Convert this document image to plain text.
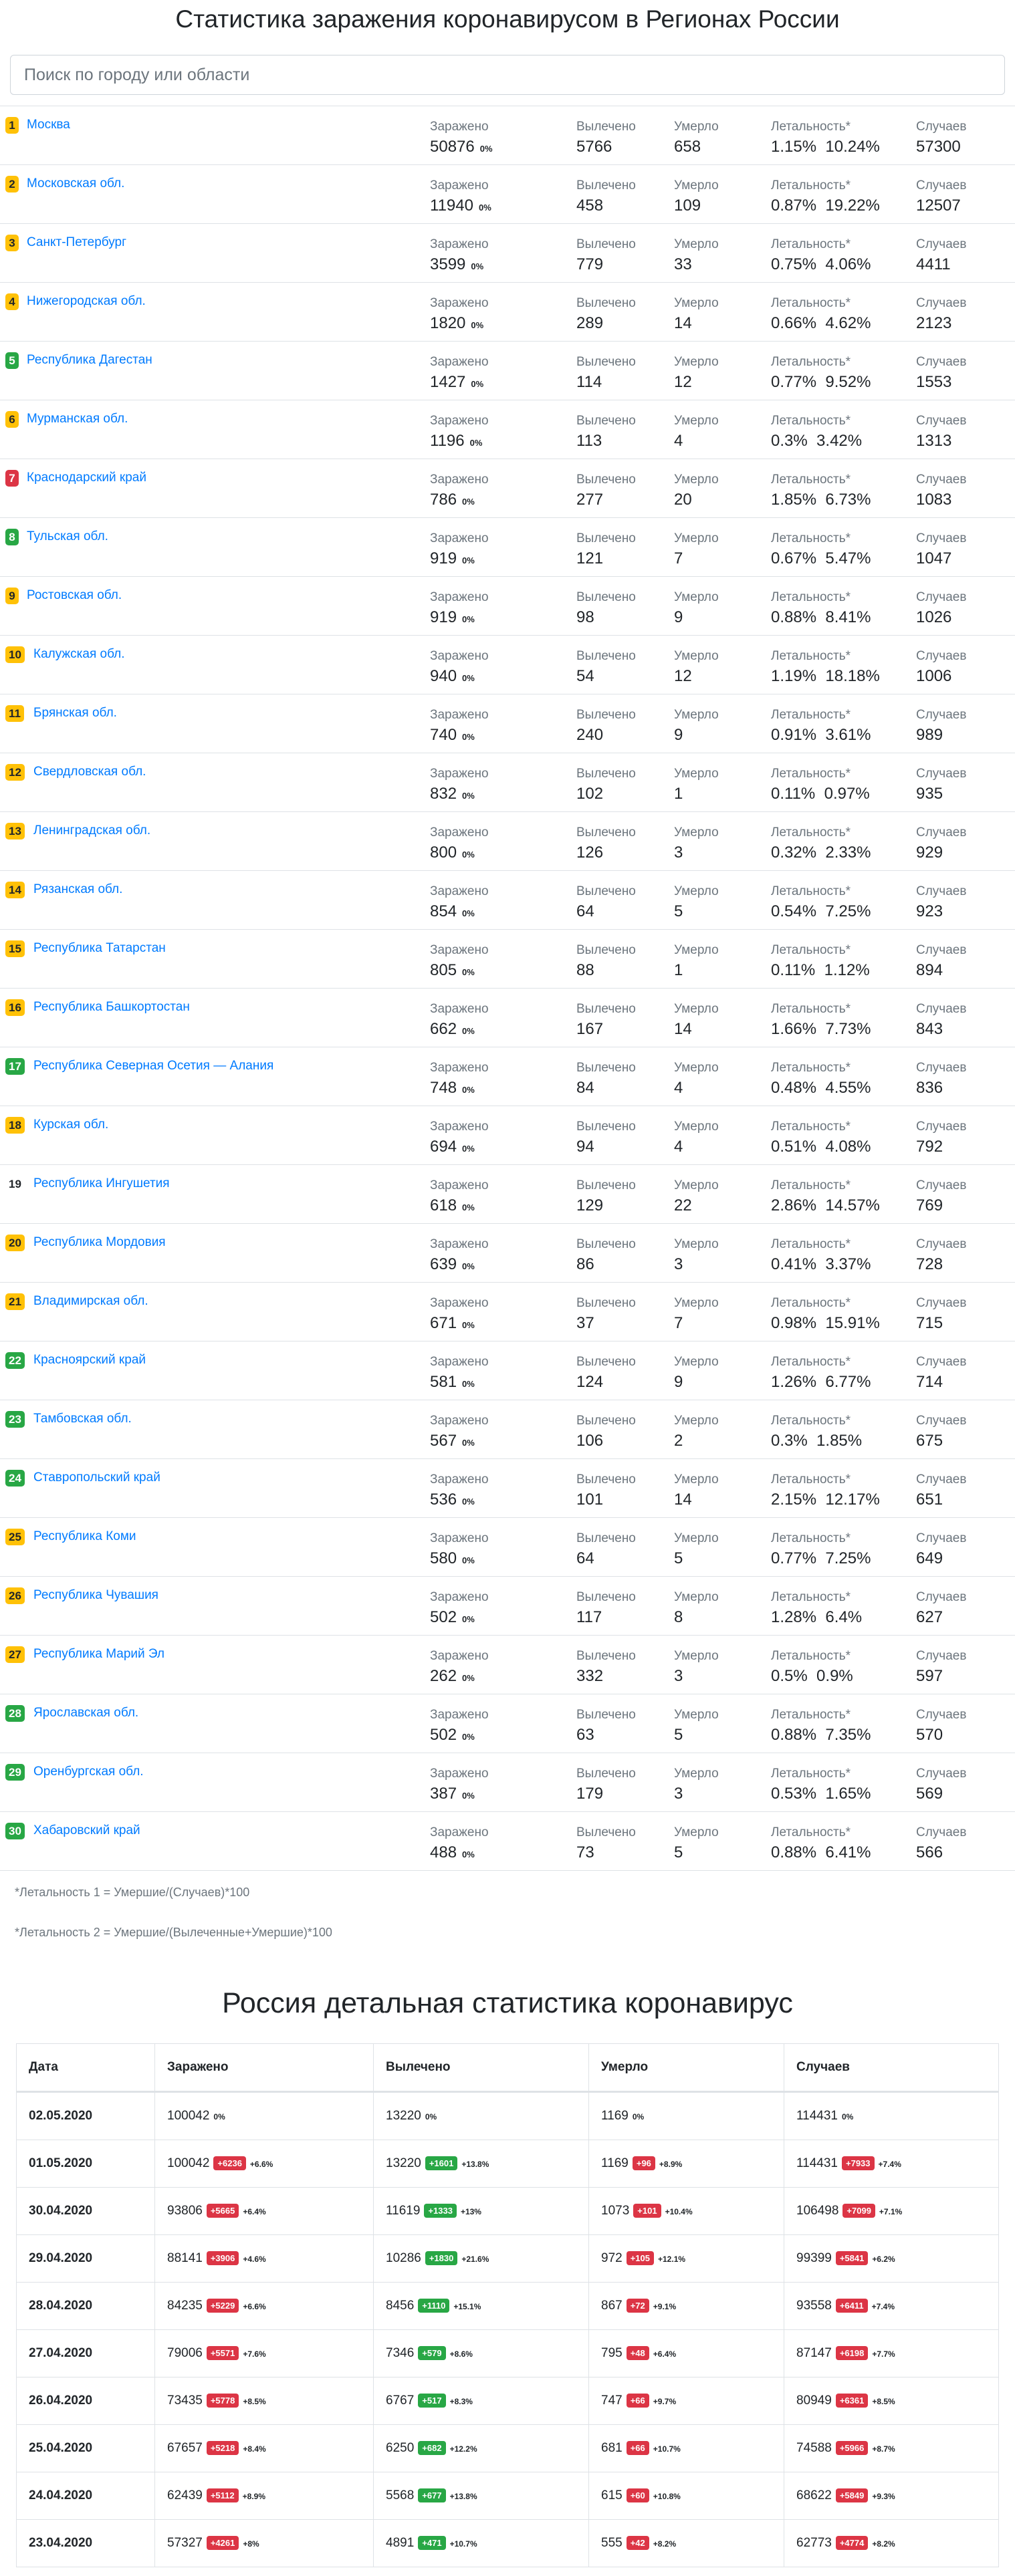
Статистика заражения коронавирусом в Регионах России
Поиск по городу или области
1 Москва	Заражено
50876 0%
Вылечено
5766
Умерло
658
Летальность*
1.15% 10.24%
Случаев
57300
2 Московская обл.	Заражено
11940 0%
Вылечено
458
Умерло
109
Летальность*
0.87% 19.22%
Случаев
12507
3 Санкт-Петербург	Заражено
3599 0%
Вылечено
779
Умерло
33
Летальность*
0.75% 4.06%
Случаев
4411
4 Нижегородская обл.	Заражено
1820 0%
Вылечено
289
Умерло
14
Летальность*
0.66% 4.62%
Случаев
2123
5 Республика Дагестан	Заражено
1427 0%
Вылечено
114
Умерло
12
Летальность*
0.77% 9.52%
Случаев
1553
6 Мурманская обл.	Заражено
1196 0%
Вылечено
113
Умерло
4
Летальность*
0.3% 3.42%
Случаев
1313
7 Краснодарский край	Заражено
786 0%
Вылечено
277
Умерло
20
Летальность*
1.85% 6.73%
Случаев
1083
8 Тульская обл.	Заражено
919 0%
Вылечено
121
Умерло
7
Летальность*
0.67% 5.47%
Случаев
1047
9 Ростовская обл.	Заражено
919 0%
Вылечено
98
Умерло
9
Летальность*
0.88% 8.41%
Случаев
1026
10 Калужская обл.	Заражено
940 0%
Вылечено
54
Умерло
12
Летальность*
1.19% 18.18%
Случаев
1006
11 Брянская обл.	Заражено
740 0%
Вылечено
240
Умерло
9
Летальность*
0.91% 3.61%
Случаев
989
12 Свердловская обл.	Заражено
832 0%
Вылечено
102
Умерло
1
Летальность*
0.11% 0.97%
Случаев
935
13 Ленинградская обл.	Заражено
800 0%
Вылечено
126
Умерло
3
Летальность*
0.32% 2.33%
Случаев
929
14 Рязанская обл.	Заражено
854 0%
Вылечено
64
Умерло
5
Летальность*
0.54% 7.25%
Случаев
923
15 Республика Татарстан	Заражено
805 0%
Вылечено
88
Умерло
1
Летальность*
0.11% 1.12%
Случаев
894
16 Республика Башкортостан	Заражено
662 0%
Вылечено
167
Умерло
14
Летальность*
1.66% 7.73%
Случаев
843
17 Республика Северная Осетия — Алания	Заражено
748 0%
Вылечено
84
Умерло
4
Летальность*
0.48% 4.55%
Случаев
836
18 Курская обл.	Заражено
694 0%
Вылечено
94
Умерло
4
Летальность*
0.51% 4.08%
Случаев
792
19 Республика Ингушетия	Заражено
618 0%
Вылечено
129
Умерло
22
Летальность*
2.86% 14.57%
Случаев
769
20 Республика Мордовия	Заражено
639 0%
Вылечено
86
Умерло
3
Летальность*
0.41% 3.37%
Случаев
728
21 Владимирская обл.	Заражено
671 0%
Вылечено
37
Умерло
7
Летальность*
0.98% 15.91%
Случаев
715
22 Красноярский край	Заражено
581 0%
Вылечено
124
Умерло
9
Летальность*
1.26% 6.77%
Случаев
714
23 Тамбовская обл.	Заражено
567 0%
Вылечено
106
Умерло
2
Летальность*
0.3% 1.85%
Случаев
675
24 Ставропольский край	Заражено
536 0%
Вылечено
101
Умерло
14
Летальность*
2.15% 12.17%
Случаев
651
25 Республика Коми	Заражено
580 0%
Вылечено
64
Умерло
5
Летальность*
0.77% 7.25%
Случаев
649
26 Республика Чувашия	Заражено
502 0%
Вылечено
117
Умерло
8
Летальность*
1.28% 6.4%
Случаев
627
27 Республика Марий Эл	Заражено
262 0%
Вылечено
332
Умерло
3
Летальность*
0.5% 0.9%
Случаев
597
28 Ярославская обл.	Заражено
502 0%
Вылечено
63
Умерло
5
Летальность*
0.88% 7.35%
Случаев
570
29 Оренбургская обл.	Заражено
387 0%
Вылечено
179
Умерло
3
Летальность*
0.53% 1.65%
Случаев
569
30 Хабаровский край	Заражено
488 0%
Вылечено
73
Умерло
5
Летальность*
0.88% 6.41%
Случаев
566

*Летальность 1 = Умершие/(Случаев)*100

*Летальность 2 = Умершие/(Вылеченные+Умершие)*100

Россия детальная статистика коронавирус
Дата	Заражено	Вылечено	Умерло	Случаев
02.05.2020	100042 0%	13220 0%	1169 0%	114431 0%
01.05.2020	100042 +6236 +6.6%	13220 +1601 +13.8%	1169 +96 +8.9%	114431 +7933 +7.4%
30.04.2020	93806 +5665 +6.4%	11619 +1333 +13%	1073 +101 +10.4%	106498 +7099 +7.1%
29.04.2020	88141 +3906 +4.6%	10286 +1830 +21.6%	972 +105 +12.1%	99399 +5841 +6.2%
28.04.2020	84235 +5229 +6.6%	8456 +1110 +15.1%	867 +72 +9.1%	93558 +6411 +7.4%
27.04.2020	79006 +5571 +7.6%	7346 +579 +8.6%	795 +48 +6.4%	87147 +6198 +7.7%
26.04.2020	73435 +5778 +8.5%	6767 +517 +8.3%	747 +66 +9.7%	80949 +6361 +8.5%
25.04.2020	67657 +5218 +8.4%	6250 +682 +12.2%	681 +66 +10.7%	74588 +5966 +8.7%
24.04.2020	62439 +5112 +8.9%	5568 +677 +13.8%	615 +60 +10.8%	68622 +5849 +9.3%
23.04.2020	57327 +4261 +8%	4891 +471 +10.7%	555 +42 +8.2%	62773 +4774 +8.2%
